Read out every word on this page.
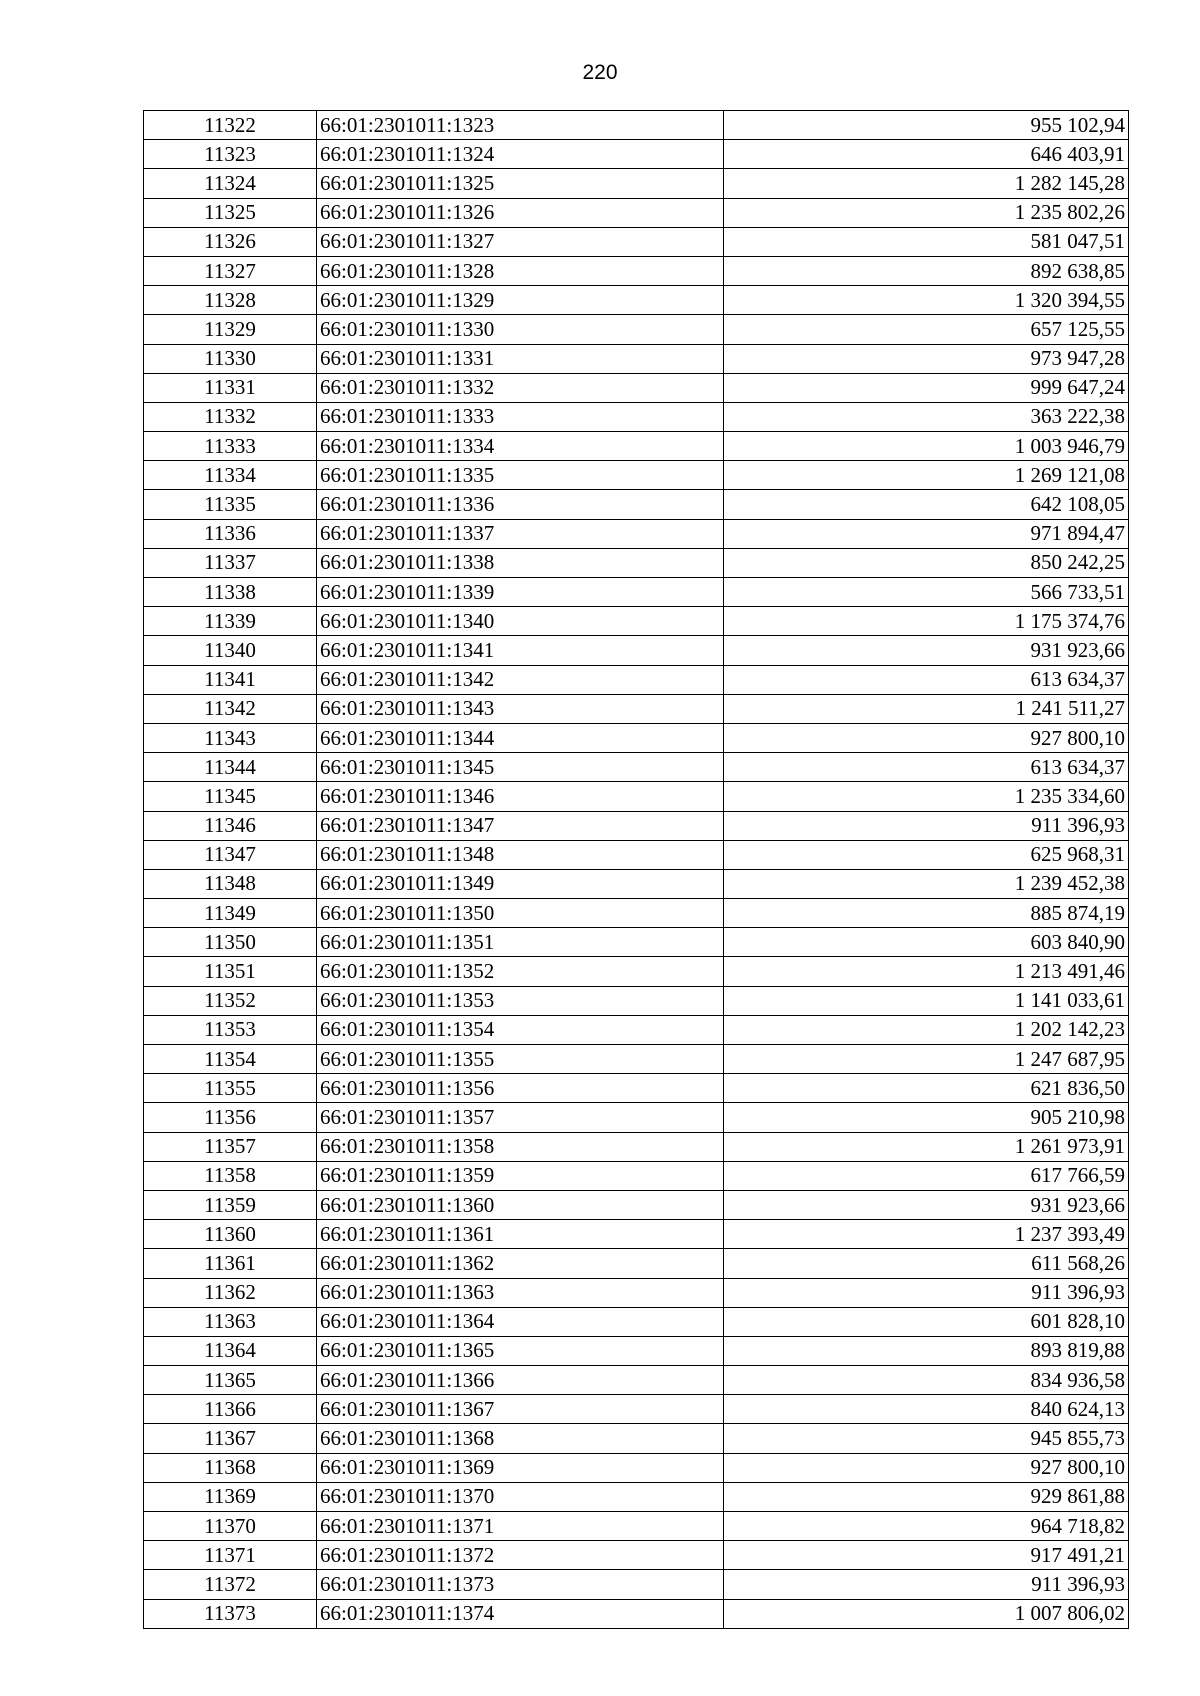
220
11322	66:01:2301011:1323	955 102,94
11323	66:01:2301011:1324	646 403,91
11324	66:01:2301011:1325	1 282 145,28
11325	66:01:2301011:1326	1 235 802,26
11326	66:01:2301011:1327	581 047,51
11327	66:01:2301011:1328	892 638,85
11328	66:01:2301011:1329	1 320 394,55
11329	66:01:2301011:1330	657 125,55
11330	66:01:2301011:1331	973 947,28
11331	66:01:2301011:1332	999 647,24
11332	66:01:2301011:1333	363 222,38
11333	66:01:2301011:1334	1 003 946,79
11334	66:01:2301011:1335	1 269 121,08
11335	66:01:2301011:1336	642 108,05
11336	66:01:2301011:1337	971 894,47
11337	66:01:2301011:1338	850 242,25
11338	66:01:2301011:1339	566 733,51
11339	66:01:2301011:1340	1 175 374,76
11340	66:01:2301011:1341	931 923,66
11341	66:01:2301011:1342	613 634,37
11342	66:01:2301011:1343	1 241 511,27
11343	66:01:2301011:1344	927 800,10
11344	66:01:2301011:1345	613 634,37
11345	66:01:2301011:1346	1 235 334,60
11346	66:01:2301011:1347	911 396,93
11347	66:01:2301011:1348	625 968,31
11348	66:01:2301011:1349	1 239 452,38
11349	66:01:2301011:1350	885 874,19
11350	66:01:2301011:1351	603 840,90
11351	66:01:2301011:1352	1 213 491,46
11352	66:01:2301011:1353	1 141 033,61
11353	66:01:2301011:1354	1 202 142,23
11354	66:01:2301011:1355	1 247 687,95
11355	66:01:2301011:1356	621 836,50
11356	66:01:2301011:1357	905 210,98
11357	66:01:2301011:1358	1 261 973,91
11358	66:01:2301011:1359	617 766,59
11359	66:01:2301011:1360	931 923,66
11360	66:01:2301011:1361	1 237 393,49
11361	66:01:2301011:1362	611 568,26
11362	66:01:2301011:1363	911 396,93
11363	66:01:2301011:1364	601 828,10
11364	66:01:2301011:1365	893 819,88
11365	66:01:2301011:1366	834 936,58
11366	66:01:2301011:1367	840 624,13
11367	66:01:2301011:1368	945 855,73
11368	66:01:2301011:1369	927 800,10
11369	66:01:2301011:1370	929 861,88
11370	66:01:2301011:1371	964 718,82
11371	66:01:2301011:1372	917 491,21
11372	66:01:2301011:1373	911 396,93
11373	66:01:2301011:1374	1 007 806,02
